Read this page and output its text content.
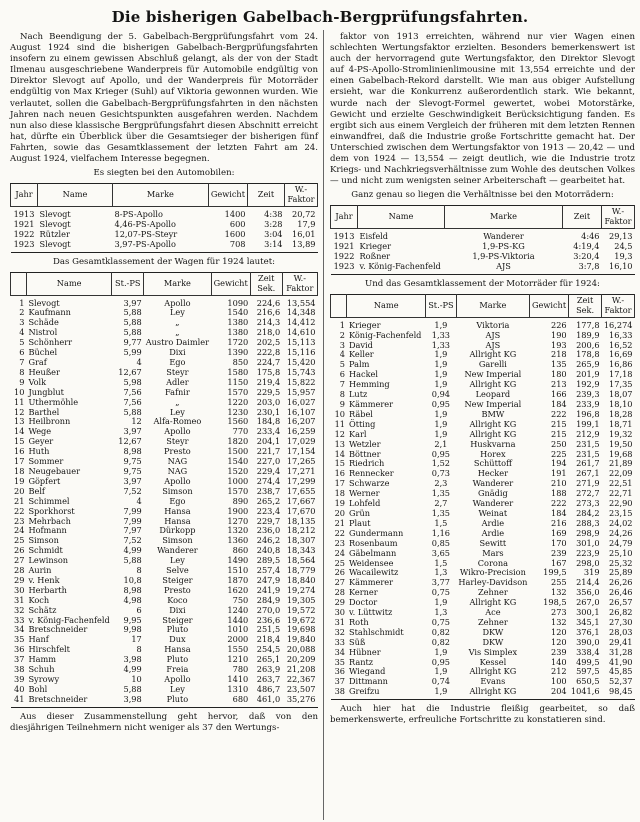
Die bisherigen Gabelbach-Bergprüfungsfahrten.

Nach Beendigung der 5. Gabelbach-Bergprüfungsfahrt vom 24. August 1924 sind die bisherigen Gabelbach-Bergprüfungsfahrten insofern zu einem gewissen Abschluß gelangt, als der von der Stadt Ilmenau ausgeschriebene Wanderpreis für Automobile endgültig von Direktor Slevogt auf Apollo, und der Wanderpreis für Motorräder endgültig von Max Krieger (Suhl) auf Viktoria gewonnen wurden. Wie verlautet, sollen die Gabelbach-Bergprüfungsfahrten in den nächsten Jahren nach neuen Gesichtspunkten ausgefahren werden. Nachdem nun also diese klassische Bergprüfungsfahrt diesen Abschnitt erreicht hat, dürfte ein Überblick über die Gesamtsieger der bisherigen fünf Fahrten, sowie das Gesamtklassement der letzten Fahrt am 24. August 1924, vielfachem Interesse begegnen.

Es siegten bei den Automobilen:
Jahr	Name	Marke	Gewicht	Zeit	W.-Faktor
1913	Slevogt	8-PS-Apollo	1400	4:38	20,72
1921	Slevogt	4,46-PS-Apollo	600	3:28	17,9
1922	Rützler	12,07-PS-Steyr	1600	3:04	16,01
1923	Slevogt	3,97-PS-Apollo	708	3:14	13,89
Das Gesamtklassement der Wagen für 1924 lautet:
	Name	St.-PS	Marke	Gewicht	Zeit Sek.	W.-Faktor
1	Slevogt	3,97	Apollo	1090	224,6	13,554
2	Kaufmann	5,88	Ley	1540	216,6	14,348
3	Schäde	5,88	„	1380	214,3	14,412
4	Nistrol	5,88	„	1380	218,0	14,610
5	Schönherr	9,77	Austro Daimler	1720	202,5	15,113
6	Büchel	5,99	Dixi	1390	222,8	15,116
7	Graf	4	Ego	850	224,7	15,420
8	Heußer	12,67	Steyr	1580	175,8	15,743
9	Volk	5,98	Adler	1150	219,4	15,822
10	Jungblut	7,56	Fafnir	1570	229,5	15,957
11	Uthermöhle	7,56	„	1220	203,0	16,027
12	Barthel	5,88	Ley	1230	230,1	16,107
13	Heilbronn	12	Alfa-Romeo	1560	184,8	16,207
14	Wege	3,97	Apollo	770	233,4	16,259
15	Geyer	12,67	Steyr	1820	204,1	17,029
16	Huth	8,98	Presto	1500	221,7	17,154
17	Sommer	9,75	NAG	1540	227,0	17,265
18	Neugebauer	9,75	NAG	1520	229,4	17,271
19	Göpfert	3,97	Apollo	1000	274,4	17,299
20	Belf	7,52	Simson	1570	238,7	17,655
21	Schimmel	4	Ego	890	265,2	17,667
22	Sporkhorst	7,99	Hansa	1900	223,4	17,670
23	Mehrbach	7,99	Hansa	1270	229,7	18,135
24	Hofmann	7,97	Dürkopp	1320	236,0	18,212
25	Simson	7,52	Simson	1360	246,2	18,307
26	Schmidt	4,99	Wanderer	860	240,8	18,343
27	Lewinson	5,88	Ley	1490	289,5	18,564
28	Aurin	8	Selve	1510	257,4	18,779
29	v. Henk	10,8	Steiger	1870	247,9	18,840
30	Herbarth	8,98	Presto	1620	241,9	19,274
31	Koch	4,98	Koco	750	284,9	19,305
32	Schätz	6	Dixi	1240	270,0	19,572
33	v. König-Fachenfeld	9,95	Steiger	1440	236,6	19,672
34	Bretschneider	9,98	Pluto	1010	251,5	19,698
35	Hanf	17	Dux	2000	218,4	19,840
36	Hirschfelt	8	Hansa	1550	254,5	20,088
37	Hamm	3,98	Pluto	1210	265,1	20,209
38	Schuh	4,99	Freia	780	263,9	21,208
39	Syrowy	10	Apollo	1410	263,7	22,367
40	Bohl	5,88	Ley	1310	486,7	23,507
41	Bretschneider	3,98	Pluto	680	461,0	35,276

Aus dieser Zusammenstellung geht hervor, daß von den diesjährigen Teilnehmern nicht weniger als 37 den Wertungs-

faktor von 1913 erreichten, während nur vier Wagen einen schlechten Wertungsfaktor erzielten. Besonders bemerkenswert ist auch der hervorragend gute Wertungsfaktor, den Direktor Slevogt auf 4-PS-Apollo-Stromlinienlimousine mit 13,554 erreichte und der einen Gabelbach-Rekord darstellt. Wie man aus obiger Aufstellung ersieht, war die Konkurrenz außerordentlich stark. Wie bekannt, wurde nach der Slevogt-Formel gewertet, wobei Motorstärke, Gewicht und erzielte Geschwindigkeit Berücksichtigung fanden. Es ergibt sich aus einem Vergleich der früheren mit dem letzten Rennen einwandfrei, daß die Industrie große Fortschritte gemacht hat. Der Unterschied zwischen dem Wertungsfaktor von 1913 — 20,42 — und dem von 1924 — 13,554 — zeigt deutlich, wie die Industrie trotz Kriegs- und Nachkriegsverhältnisse zum Wohle des deutschen Volkes — und nicht zum wenigsten seiner Arbeiterschaft — gearbeitet hat.

Ganz genau so liegen die Verhältnisse bei den Motorrädern:
Jahr	Name	Marke	Zeit	W.-Faktor
1913	Eisfeld	Wanderer	4:46	29,13
1921	Krieger	1,9-PS-KG	4:19,4	24,5
1922	Roßner	1,9-PS-Viktoria	3:20,4	19,3
1923	v. König-Fachenfeld	AJS	3:7,8	16,10
Und das Gesamtklassement der Motorräder für 1924:
	Name	St.-PS	Marke	Gewicht	Zeit Sek.	W.-Faktor
1	Krieger	1,9	Viktoria	226	177,8	16,274
2	König-Fachenfeld	1,33	AJS	190	189,9	16,33
3	David	1,33	AJS	193	200,6	16,52
4	Keller	1,9	Allright KG	218	178,8	16,69
5	Palm	1,9	Garelli	135	265,9	16,86
6	Hackel	1,9	New Imperial	180	201,9	17,18
7	Hemming	1,9	Allright KG	213	192,9	17,35
8	Lutz	0,94	Leopard	166	239,3	18,07
9	Kämmerer	0,95	New Imperial	184	233,9	18,10
10	Räbel	1,9	BMW	222	196,8	18,28
11	Ötting	1,9	Allright KG	215	199,1	18,71
12	Karl	1,9	Allright KG	215	212,9	19,32
13	Wetzler	2,1	Huskvarna	250	231,5	19,50
14	Böttner	0,95	Horex	225	231,5	19,68
15	Riedrich	1,52	Schüttoff	194	261,7	21,89
16	Rennecker	0,73	Hecker	191	267,1	22,09
17	Schwarze	2,3	Wanderer	210	271,9	22,51
18	Werner	1,35	Gnädig	188	272,7	22,71
19	Lohfeld	2,7	Wanderer	222	273,3	22,90
20	Grün	1,35	Weinat	184	284,2	23,15
21	Plaut	1,5	Ardie	216	288,3	24,02
22	Gundermann	1,16	Ardie	169	298,9	24,26
23	Rosenbaum	0,85	Sewitt	170	301,0	24,79
24	Gäbelmann	3,65	Mars	239	223,9	25,10
25	Weidensee	1,5	Corona	167	298,0	25,32
26	Wacailewitz	1,3	Wikro-Precision	199,5	319	25,89
27	Kämmerer	3,77	Harley-Davidson	255	214,4	26,26
28	Kerner	0,75	Zehner	132	356,0	26,46
29	Doctor	1,9	Allright KG	198,5	267,0	26,57
30	v. Lüttwitz	1,3	Ace	273	300,1	26,82
31	Roth	0,75	Zehner	132	345,1	27,30
32	Stahlschmidt	0,82	DKW	120	376,1	28,03
33	Süß	0,82	DKW	120	390,0	29,41
34	Hübner	1,9	Vis Simplex	239	338,4	31,28
35	Rantz	0,95	Kessel	140	499,5	41,90
36	Wiegand	1,9	Allright KG	212	597,5	45,85
37	Dittmann	0,74	Evans	100	650,5	52,37
38	Greifzu	1,9	Allright KG	204	1041,6	98,45

Auch hier hat die Industrie fleißig gearbeitet, so daß bemerkenswerte, erfreuliche Fortschritte zu konstatieren sind.
